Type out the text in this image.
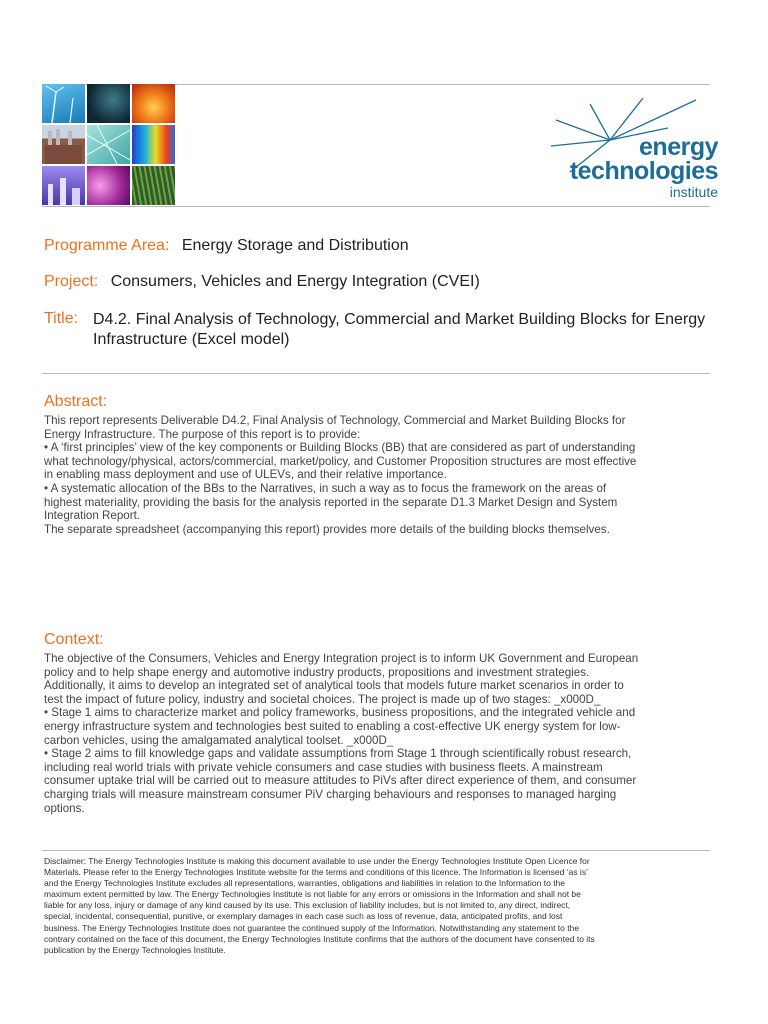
energy
technologies
institute
Programme Area: Energy Storage and Distribution
Project: Consumers, Vehicles and Energy Integration (CVEI)
Title: D4.2. Final Analysis of Technology, Commercial and Market Building Blocks for Energy Infrastructure (Excel model)
Abstract:

This report represents Deliverable D4.2, Final Analysis of Technology, Commercial and Market Building Blocks for

Energy Infrastructure. The purpose of this report is to provide:

• A ‘first principles’ view of the key components or Building Blocks (BB) that are considered as part of understanding

what technology/physical, actors/commercial, market/policy, and Customer Proposition structures are most effective

in enabling mass deployment and use of ULEVs, and their relative importance.

• A systematic allocation of the BBs to the Narratives, in such a way as to focus the framework on the areas of

highest materiality, providing the basis for the analysis reported in the separate D1.3 Market Design and System

Integration Report.

The separate spreadsheet (accompanying this report) provides more details of the building blocks themselves.

Context:

The objective of the Consumers, Vehicles and Energy Integration project is to inform UK Government and European

policy and to help shape energy and automotive industry products, propositions and investment strategies.

Additionally, it aims to develop an integrated set of analytical tools that models future market scenarios in order to

test the impact of future policy, industry and societal choices. The project is made up of two stages: _x000D_

• Stage 1 aims to characterize market and policy frameworks, business propositions, and the integrated vehicle and

energy infrastructure system and technologies best suited to enabling a cost-effective UK energy system for low-

carbon vehicles, using the amalgamated analytical toolset. _x000D_

• Stage 2 aims to fill knowledge gaps and validate assumptions from Stage 1 through scientifically robust research,

including real world trials with private vehicle consumers and case studies with business fleets. A mainstream

consumer uptake trial will be carried out to measure attitudes to PiVs after direct experience of them, and consumer

charging trials will measure mainstream consumer PiV charging behaviours and responses to managed harging

options.

Disclaimer: The Energy Technologies Institute is making this document available to use under the Energy Technologies Institute Open Licence for
Materials. Please refer to the Energy Technologies Institute website for the terms and conditions of this licence. The Information is licensed ‘as is’
and the Energy Technologies Institute excludes all representations, warranties, obligations and liabilities in relation to the Information to the
maximum extent permitted by law. The Energy Technologies Institute is not liable for any errors or omissions in the Information and shall not be
liable for any loss, injury or damage of any kind caused by its use. This exclusion of liability includes, but is not limited to, any direct, indirect,
special, incidental, consequential, punitive, or exemplary damages in each case such as loss of revenue, data, anticipated profits, and lost
business. The Energy Technologies Institute does not guarantee the continued supply of the Information. Notwithstanding any statement to the
contrary contained on the face of this document, the Energy Technologies Institute confirms that the authors of the document have consented to its
publication by the Energy Technologies Institute.
